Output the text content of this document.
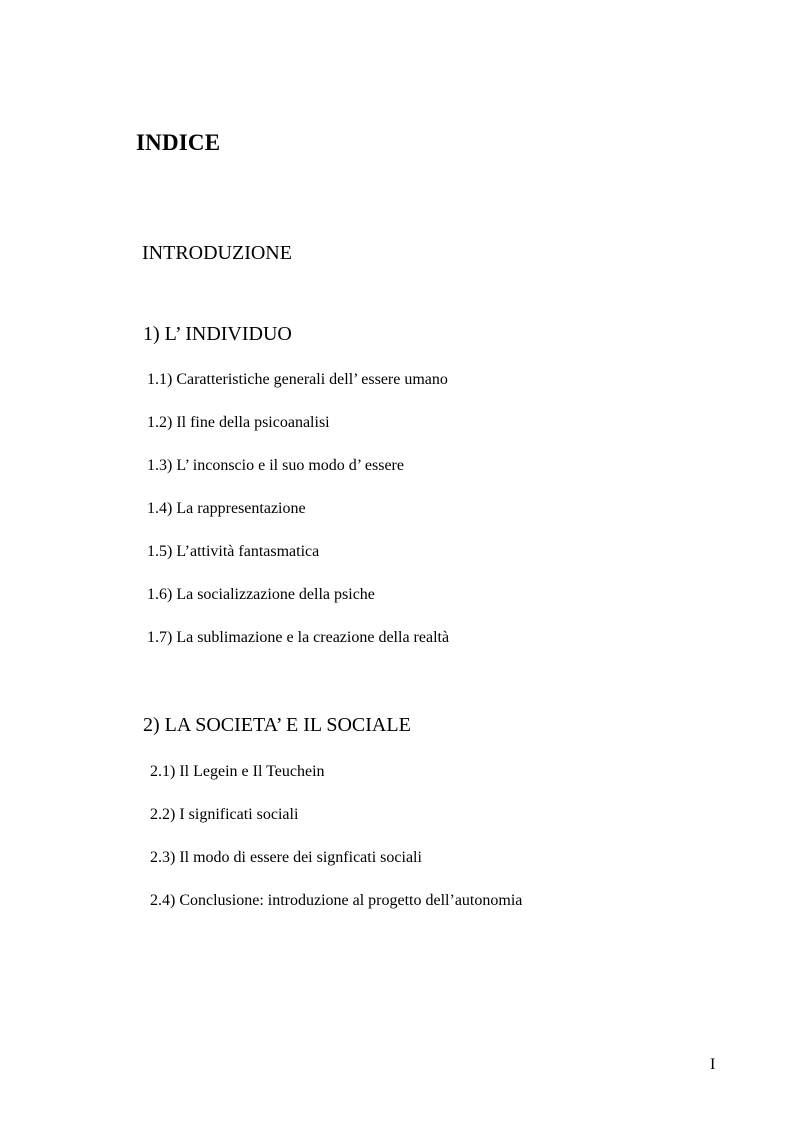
INDICE
INTRODUZIONE
1) L’ INDIVIDUO
1.1) Caratteristiche generali dell’ essere umano
1.2) Il fine della psicoanalisi
1.3) L’ inconscio e il suo modo d’ essere
1.4) La rappresentazione
1.5) L’attività fantasmatica
1.6) La socializzazione della psiche
1.7) La sublimazione e la creazione della realtà
2) LA SOCIETA’ E IL SOCIALE
2.1) Il Legein e Il Teuchein
2.2) I significati sociali
2.3) Il modo di essere dei signficati sociali
2.4) Conclusione: introduzione al progetto dell’autonomia
I
